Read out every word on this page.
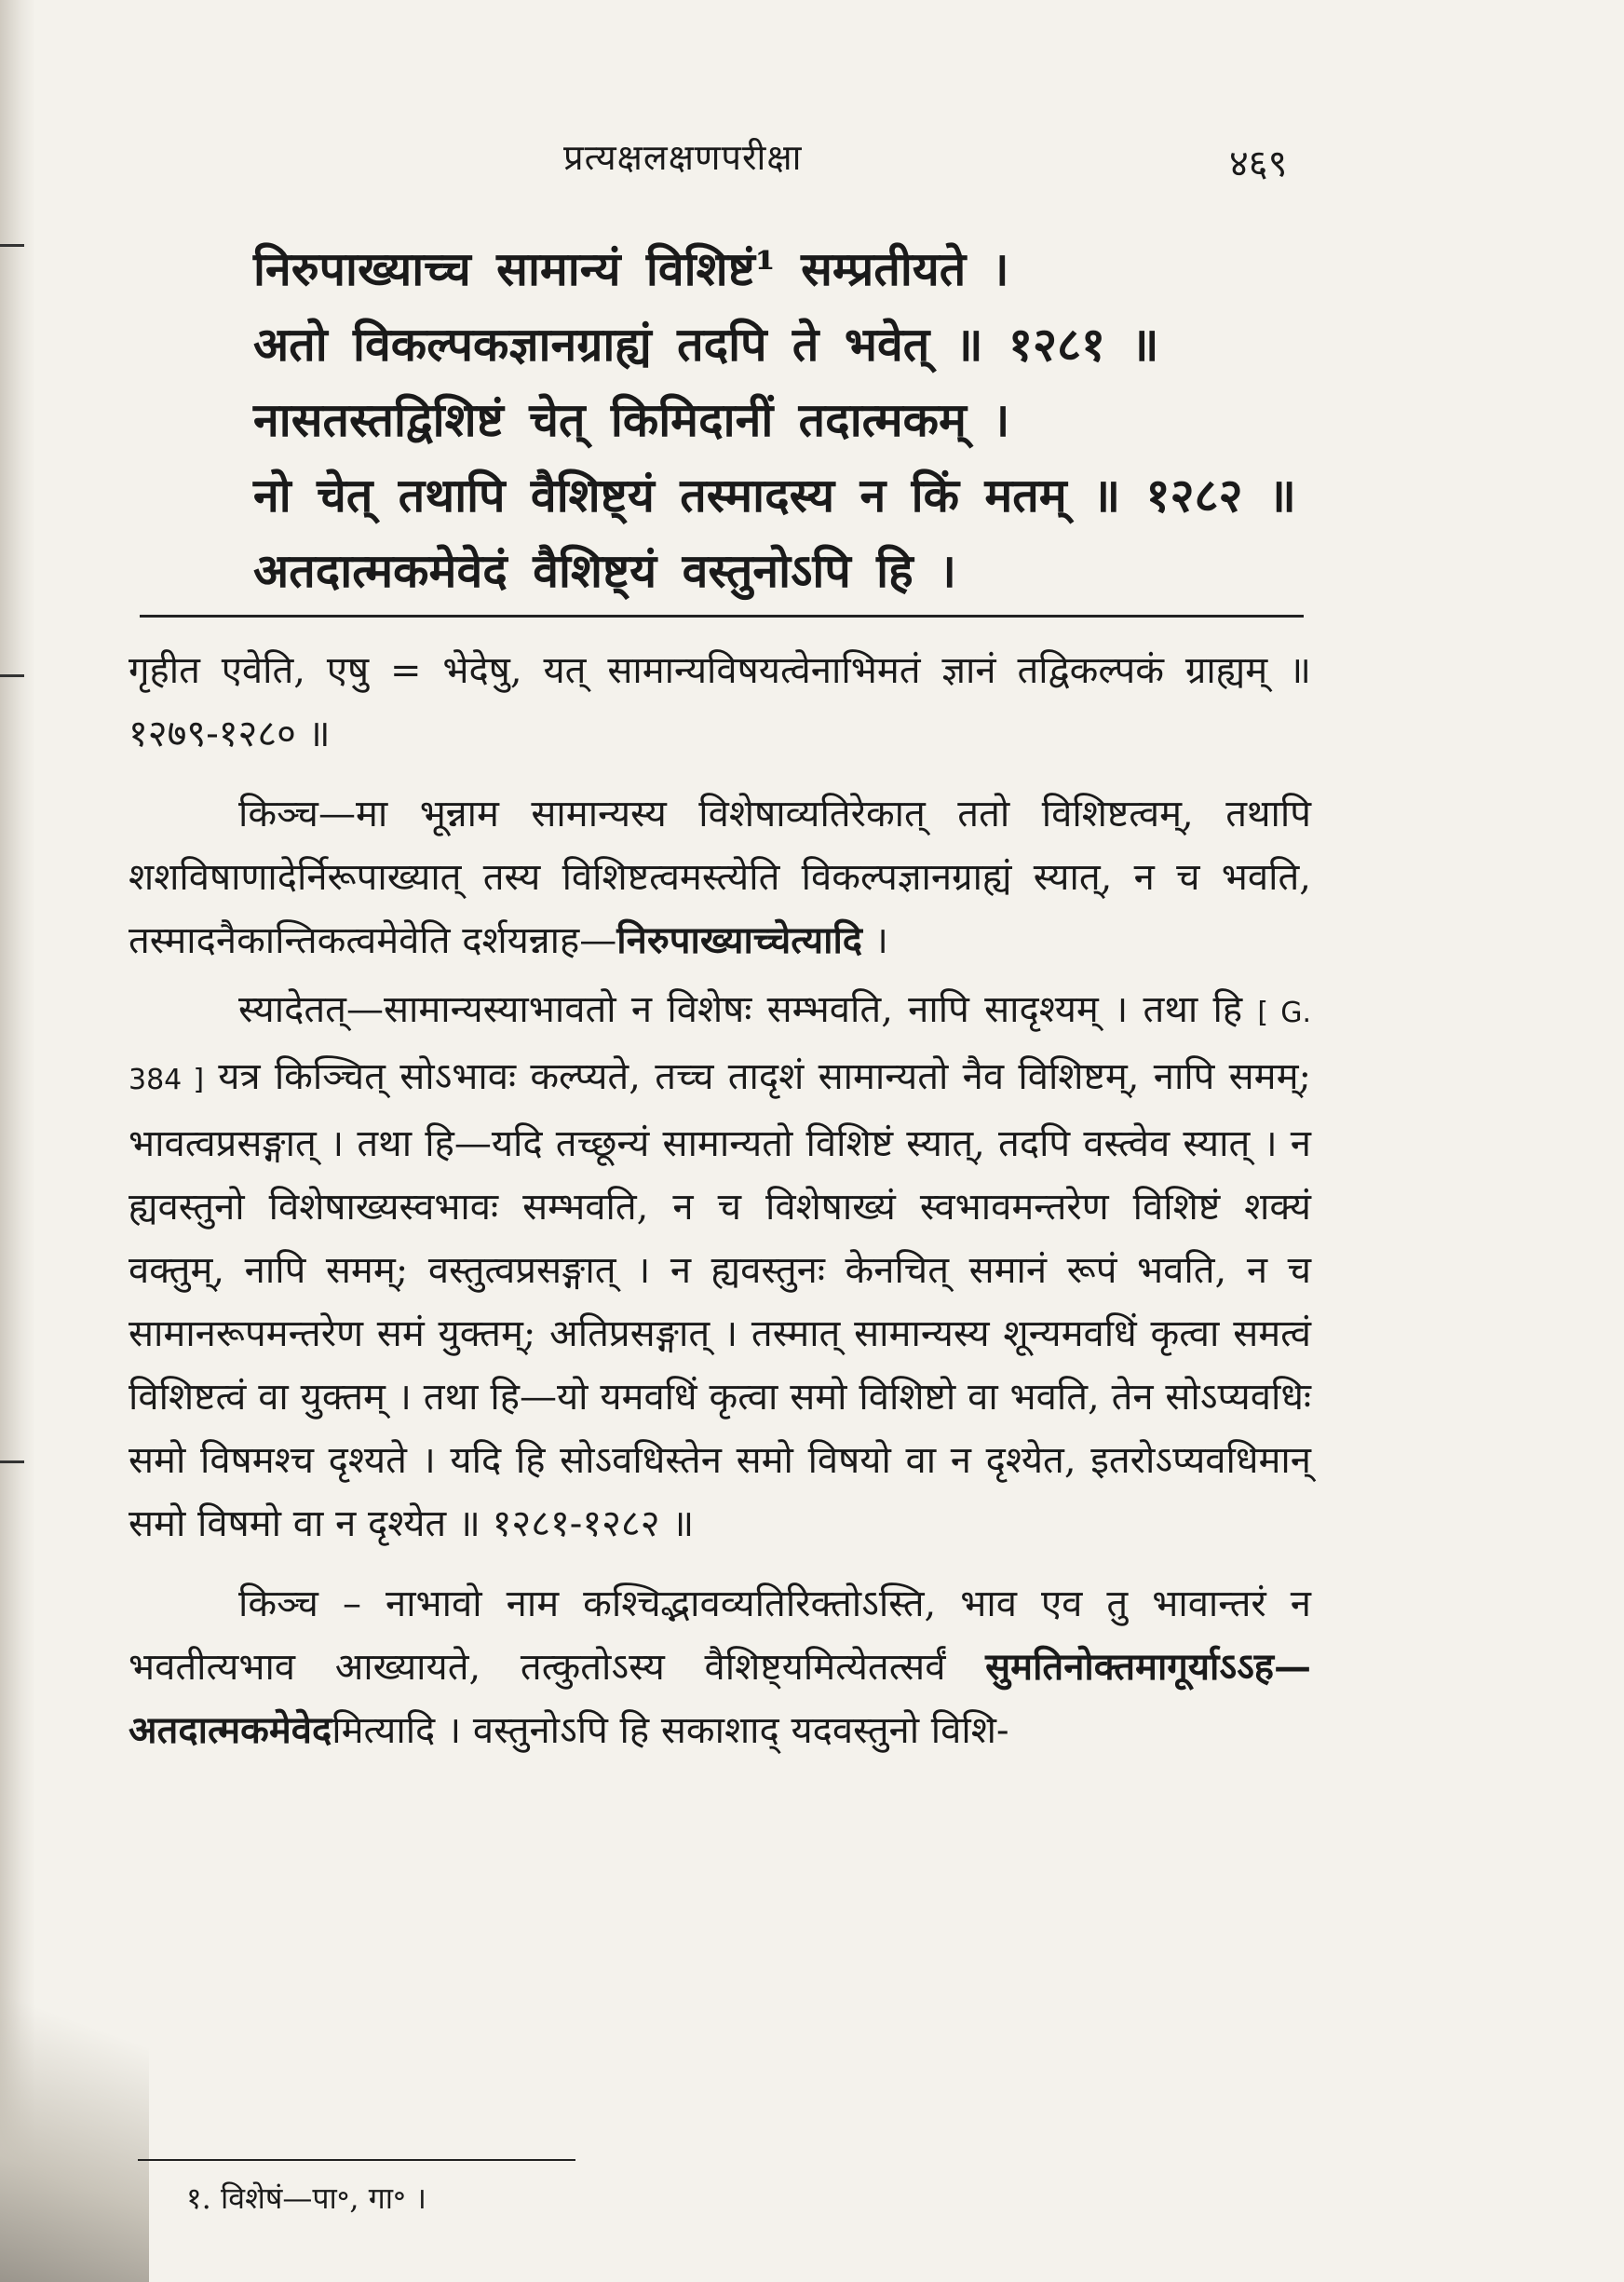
प्रत्यक्षलक्षणपरीक्षा	४६९
निरुपाख्याच्च सामान्यं विशिष्टं¹ सम्प्रतीयते ।
अतो विकल्पकज्ञानग्राह्यं तदपि ते भवेत् ॥ १२८१ ॥
नासतस्तद्विशिष्टं चेत् किमिदानीं तदात्मकम् ।
नो चेत् तथापि वैशिष्ट्यं तस्मादस्य न किं मतम् ॥ १२८२ ॥
अतदात्मकमेवेदं वैशिष्ट्यं वस्तुनोऽपि हि ।

गृहीत एवेति, एषु = भेदेषु, यत् सामान्यविषयत्वेनाभिमतं ज्ञानं तद्विकल्पकं ग्राह्यम् ॥ १२७९-१२८० ॥

किञ्च—मा भून्नाम सामान्यस्य विशेषाव्यतिरेकात् ततो विशिष्टत्वम्, तथापि शशविषाणादेर्निरूपाख्यात् तस्य विशिष्टत्वमस्त्येति विकल्पज्ञानग्राह्यं स्यात्, न च भवति, तस्मादनैकान्तिकत्वमेवेति दर्शयन्नाह—निरुपाख्याच्चेत्यादि ।

स्यादेतत्—सामान्यस्याभावतो न विशेषः सम्भवति, नापि सादृश्यम् । तथा हि [ G. 384 ] यत्र किञ्चित् सोऽभावः कल्प्यते, तच्च तादृशं सामान्यतो नैव विशिष्टम्, नापि समम्; भावत्वप्रसङ्गात् । तथा हि—यदि तच्छून्यं सामान्यतो विशिष्टं स्यात्, तदपि वस्त्वेव स्यात् । न ह्यवस्तुनो विशेषाख्यस्वभावः सम्भवति, न च विशेषाख्यं स्वभावमन्तरेण विशिष्टं शक्यं वक्तुम्, नापि समम्; वस्तुत्वप्रसङ्गात् । न ह्यवस्तुनः केनचित् समानं रूपं भवति, न च सामानरूपमन्तरेण समं युक्तम्; अतिप्रसङ्गात् । तस्मात् सामान्यस्य शून्यमवधिं कृत्वा समत्वं विशिष्टत्वं वा युक्तम् । तथा हि—यो यमवधिं कृत्वा समो विशिष्टो वा भवति, तेन सोऽप्यवधिः समो विषमश्च दृश्यते । यदि हि सोऽवधिस्तेन समो विषयो वा न दृश्येत, इतरोऽप्यवधिमान् समो विषमो वा न दृश्येत ॥ १२८१-१२८२ ॥

किञ्च – नाभावो नाम कश्चिद्भावव्यतिरिक्तोऽस्ति, भाव एव तु भावान्तरं न भवतीत्यभाव आख्यायते, तत्कुतोऽस्य वैशिष्ट्यमित्येतत्सर्वं सुमतिनोक्तमागूर्याऽऽह—अतदात्मकमेवेदमित्यादि । वस्तुनोऽपि हि सकाशाद् यदवस्तुनो विशि-

१. विशेषं—पा॰, गा॰ ।
